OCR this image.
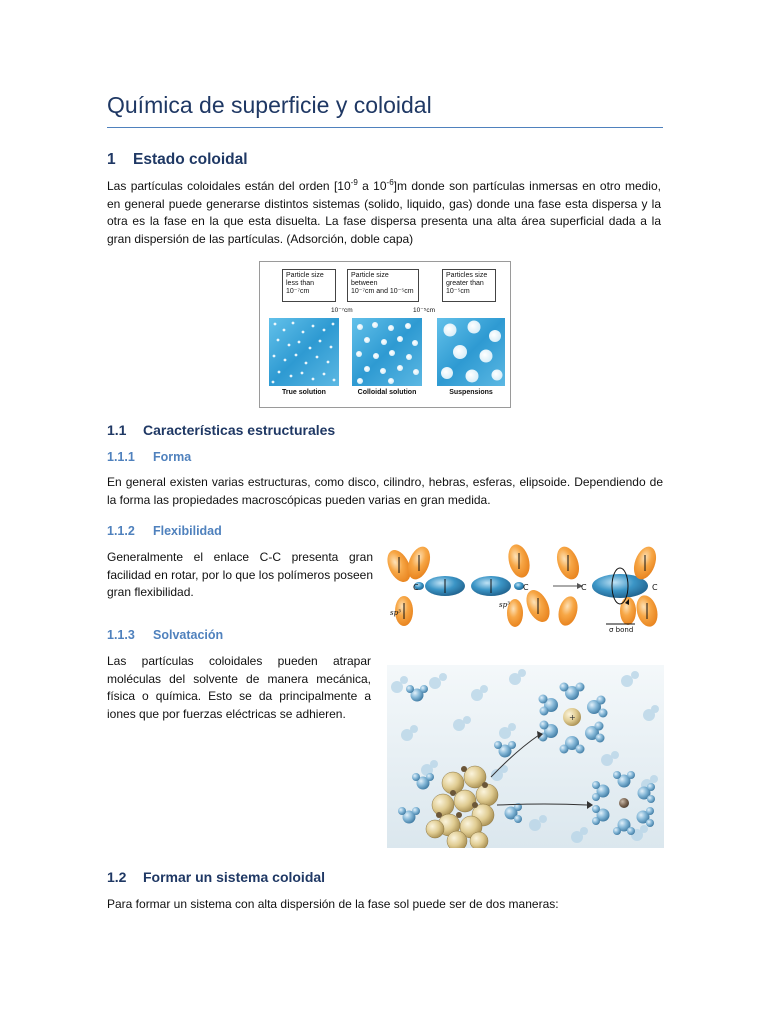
Química de superficie y coloidal
1 Estado coloidal

Las partículas coloidales están del orden [$10^{-9}$ a $10^{-6}]m$ donde son partículas inmersas en otro medio, en general puede generarse distintos sistemas (solido, liquido, gas) donde una fase esta dispersa y la otra es la fase en la que esta disuelta. La fase dispersa presenta una alta área superficial dada a la gran dispersión de las partículas. (Adsorción, doble capa)

Particle size
less than
10⁻⁷cm
Particle size
between
10⁻⁷cm and 10⁻⁵cm
Particles size
greater than
10⁻⁵cm
10⁻⁷cm	10⁻⁵cm
True solution	Colloidal solution	Suspensions
1.1 Características estructurales
1.1.1 Forma

En general existen varias estructuras, como disco, cilindro, hebras, esferas, elipsoide. Dependiendo de la forma las propiedades macroscópicas pueden varias en gran medida.

1.1.2 Flexibilidad

Generalmente el enlace C-C presenta gran facilidad en rotar, por lo que los polímeros poseen gran flexibilidad.	C
sp³
C
sp³
C	C
σ bond
1.1.3 Solvatación

Las partículas coloidales pueden atrapar moléculas del solvente de manera mecánica, física o química. Esto se da principalmente a iones que por fuerzas eléctricas se adhieren.	+
1.2 Formar un sistema coloidal

Para formar un sistema con alta dispersión de la fase sol puede ser de dos maneras:
